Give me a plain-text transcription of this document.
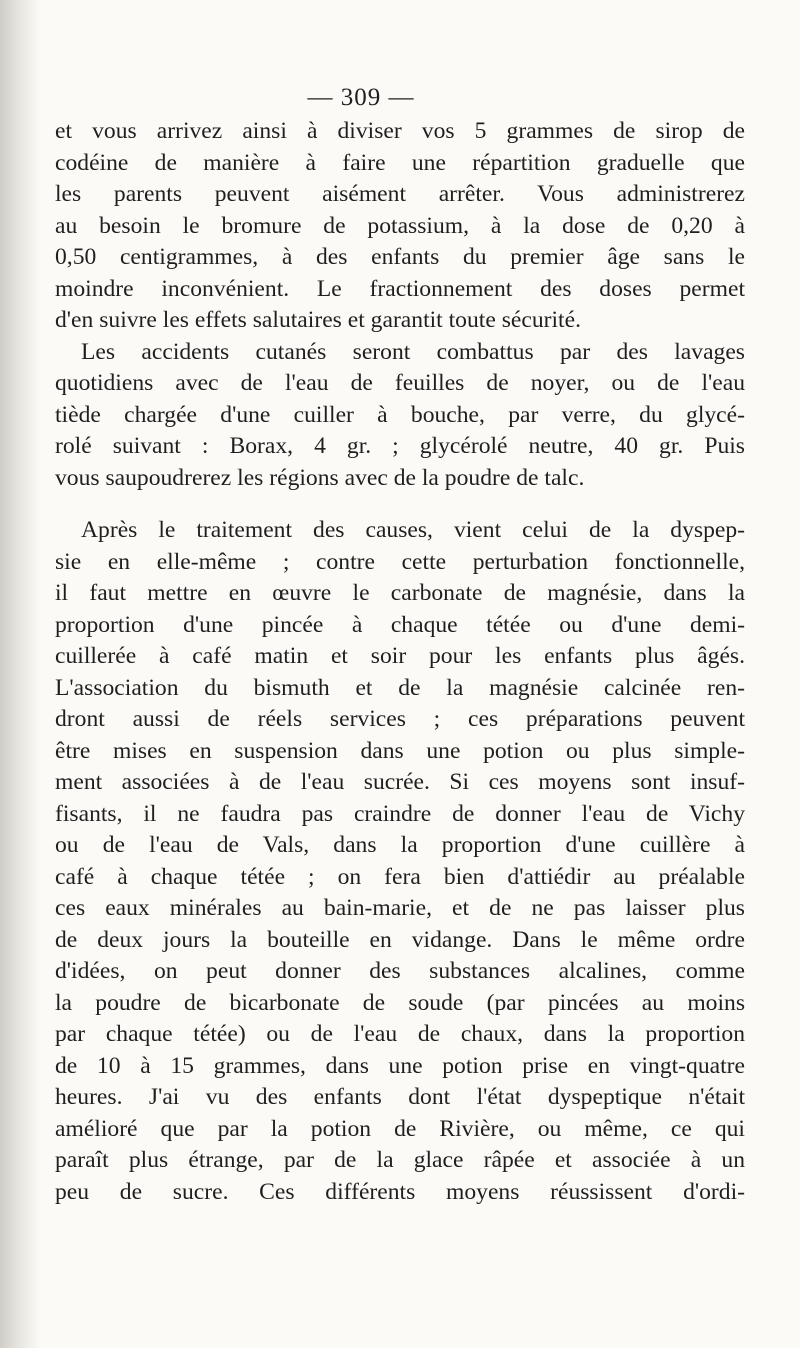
— 309 —
et vous arrivez ainsi à diviser vos 5 grammes de sirop de
codéine de manière à faire une répartition graduelle que
les parents peuvent aisément arrêter. Vous administrerez
au besoin le bromure de potassium, à la dose de 0,20 à
0,50 centigrammes, à des enfants du premier âge sans le
moindre inconvénient. Le fractionnement des doses permet
d'en suivre les effets salutaires et garantit toute sécurité.
Les accidents cutanés seront combattus par des lavages
quotidiens avec de l'eau de feuilles de noyer, ou de l'eau
tiède chargée d'une cuiller à bouche, par verre, du glycé-
rolé suivant : Borax, 4 gr. ; glycérolé neutre, 40 gr. Puis
vous saupoudrerez les régions avec de la poudre de talc.
Après le traitement des causes, vient celui de la dyspep-
sie en elle-même ; contre cette perturbation fonctionnelle,
il faut mettre en œuvre le carbonate de magnésie, dans la
proportion d'une pincée à chaque tétée ou d'une demi-
cuillerée à café matin et soir pour les enfants plus âgés.
L'association du bismuth et de la magnésie calcinée ren-
dront aussi de réels services ; ces préparations peuvent
être mises en suspension dans une potion ou plus simple-
ment associées à de l'eau sucrée. Si ces moyens sont insuf-
fisants, il ne faudra pas craindre de donner l'eau de Vichy
ou de l'eau de Vals, dans la proportion d'une cuillère à
café à chaque tétée ; on fera bien d'attiédir au préalable
ces eaux minérales au bain-marie, et de ne pas laisser plus
de deux jours la bouteille en vidange. Dans le même ordre
d'idées, on peut donner des substances alcalines, comme
la poudre de bicarbonate de soude (par pincées au moins
par chaque tétée) ou de l'eau de chaux, dans la proportion
de 10 à 15 grammes, dans une potion prise en vingt-quatre
heures. J'ai vu des enfants dont l'état dyspeptique n'était
amélioré que par la potion de Rivière, ou même, ce qui
paraît plus étrange, par de la glace râpée et associée à un
peu de sucre. Ces différents moyens réussissent d'ordi-
